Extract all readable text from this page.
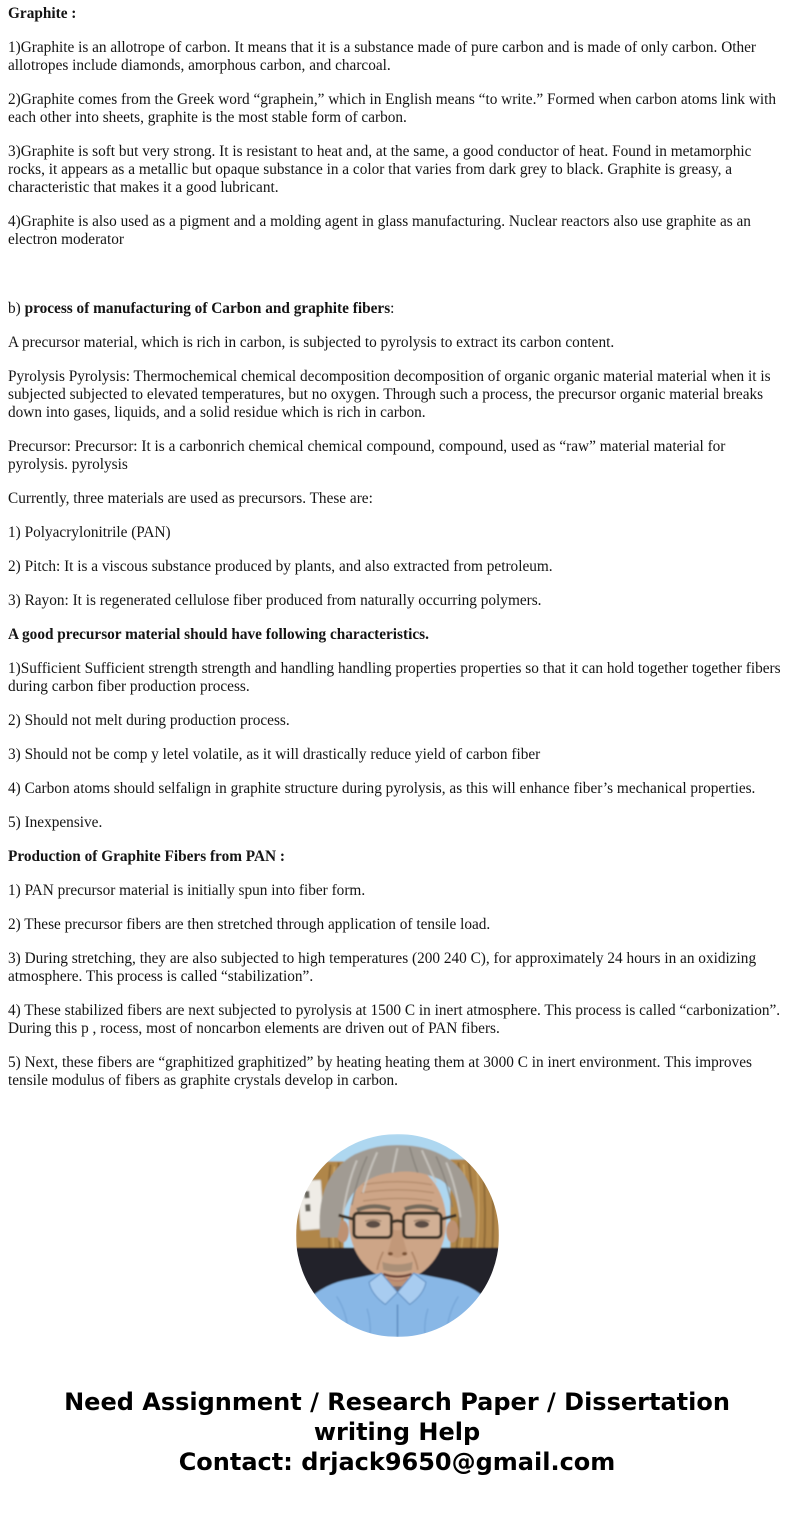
Graphite :

1)Graphite is an allotrope of carbon. It means that it is a substance made of pure carbon and is made of only carbon. Other allotropes include diamonds, amorphous carbon, and charcoal.

2)Graphite comes from the Greek word “graphein,” which in English means “to write.” Formed when carbon atoms link with each other into sheets, graphite is the most stable form of carbon.

3)Graphite is soft but very strong. It is resistant to heat and, at the same, a good conductor of heat. Found in metamorphic rocks, it appears as a metallic but opaque substance in a color that varies from dark grey to black. Graphite is greasy, a characteristic that makes it a good lubricant.

4)Graphite is also used as a pigment and a molding agent in glass manufacturing. Nuclear reactors also use graphite as an electron moderator

b) process of manufacturing of Carbon and graphite fibers:

A precursor material, which is rich in carbon, is subjected to pyrolysis to extract its carbon content.

Pyrolysis Pyrolysis: Thermochemical chemical decomposition decomposition of organic organic material material when it is subjected subjected to elevated temperatures, but no oxygen. Through such a process, the precursor organic material breaks down into gases, liquids, and a solid residue which is rich in carbon.

Precursor: Precursor: It is a carbonrich chemical chemical compound, compound, used as “raw” material material for pyrolysis. pyrolysis

Currently, three materials are used as precursors. These are:

1) Polyacrylonitrile (PAN)

2) Pitch: It is a viscous substance produced by plants, and also extracted from petroleum.

3) Rayon: It is regenerated cellulose fiber produced from naturally occurring polymers.

A good precursor material should have following characteristics.

1)Sufficient Sufficient strength strength and handling handling properties properties so that it can hold together together fibers during carbon fiber production process.

2) Should not melt during production process.

3) Should not be comp y letel volatile, as it will drastically reduce yield of carbon fiber

4) Carbon atoms should selfalign in graphite structure during pyrolysis, as this will enhance fiber’s mechanical properties.

5) Inexpensive.

Production of Graphite Fibers from PAN :

1) PAN precursor material is initially spun into fiber form.

2) These precursor fibers are then stretched through application of tensile load.

3) During stretching, they are also subjected to high temperatures (200 240 C), for approximately 24 hours in an oxidizing atmosphere. This process is called “stabilization”.

4) These stabilized fibers are next subjected to pyrolysis at 1500 C in inert atmosphere. This process is called “carbonization”. During this p , rocess, most of noncarbon elements are driven out of PAN fibers.

5) Next, these fibers are “graphitized graphitized” by heating heating them at 3000 C in inert environment. This improves tensile modulus of fibers as graphite crystals develop in carbon.

Need Assignment / Research Paper / Dissertation
writing Help
Contact: drjack9650@gmail.com
